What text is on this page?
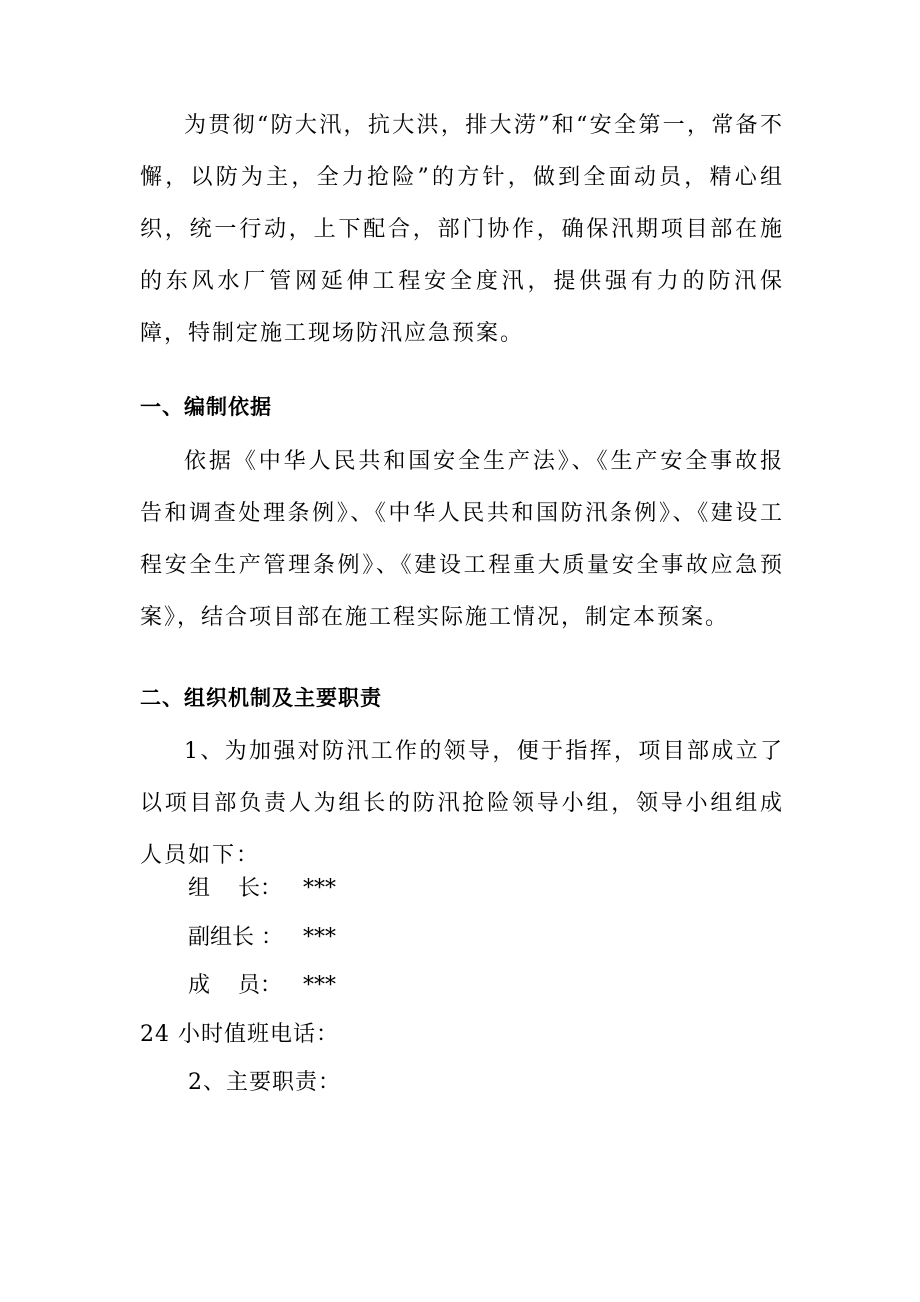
为贯彻“防大汛，抗大洪，排大涝”和“安全第一，常备不懈，以防为主，全力抢险”的方针，做到全面动员，精心组织，统一行动，上下配合，部门协作，确保汛期项目部在施的东风水厂管网延伸工程安全度汛，提供强有力的防汛保障，特制定施工现场防汛应急预案。

一、编制依据

依据《中华人民共和国安全生产法》、《生产安全事故报告和调查处理条例》、《中华人民共和国防汛条例》、《建设工程安全生产管理条例》、《建设工程重大质量安全事故应急预案》，结合项目部在施工程实际施工情况，制定本预案。

二、组织机制及主要职责

1、为加强对防汛工作的领导，便于指挥，项目部成立了以项目部负责人为组长的防汛抢险领导小组，领导小组组成人员如下：

组    长： ***
副组长 ： ***
成    员： ***

24 小时值班电话：

2、主要职责：
